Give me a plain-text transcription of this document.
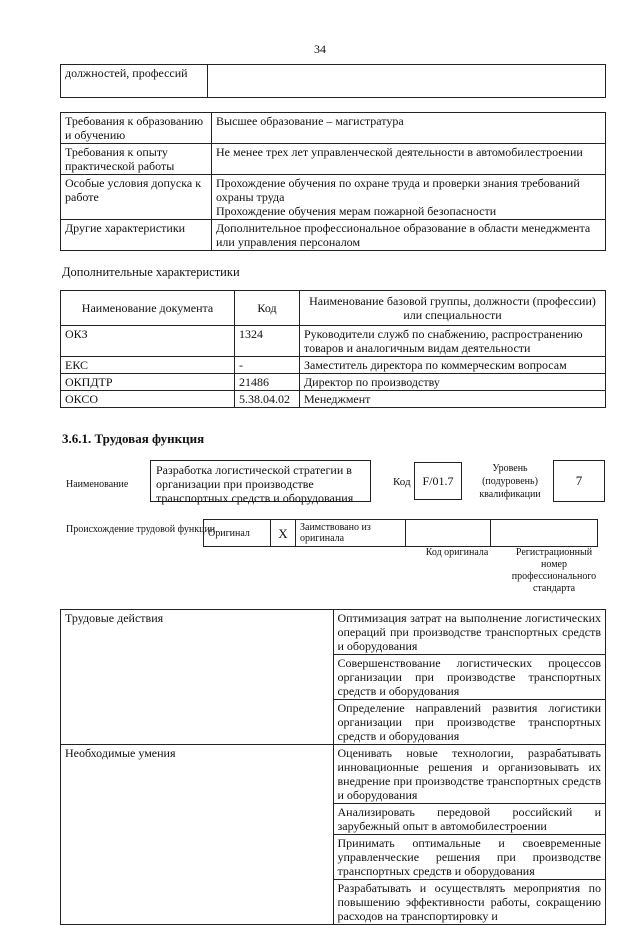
34
должностей, профессий	
Требования к образованию и обучению	Высшее образование – магистратура

Требования к опыту практической работы	Не менее трех лет управленческой деятельности в автомобилестроении

Особые условия допуска к работе	Прохождение обучения по охране труда и проверки знания требований охраны труда
Прохождение обучения мерам пожарной безопасности

Другие характеристики	Дополнительное профессиональное образование в области менеджмента или управления персоналом
Дополнительные характеристики
Наименование документа	Код	Наименование базовой группы, должности (профессии) или специальности
ОКЗ	1324	Руководители служб по снабжению, распространению товаров и аналогичным видам деятельности
ЕКС	-	Заместитель директора по коммерческим вопросам
ОКПДТР	21486	Директор по производству
ОКСО	5.38.04.02	Менеджмент
3.6.1. Трудовая функция
Наименование
Разработка логистической стратегии в организации при производстве транспортных средств и оборудования
Код F/01.7
Уровень (подуровень) квалификации
7
Происхождение трудовой функции
Оригинал	X	Заимствовано из оригинала		
Код оригинала	Регистрационный номер профессионального стандарта
Трудовые действия	Оптимизация затрат на выполнение логистических операций при производстве транспортных средств и оборудования
	Совершенствование логистических процессов организации при производстве транспортных средств и оборудования
	Определение направлений развития логистики организации при производстве транспортных средств и оборудования
Необходимые умения	Оценивать новые технологии, разрабатывать инновационные решения и организовывать их внедрение при производстве транспортных средств и оборудования
	Анализировать передовой российский и зарубежный опыт в автомобилестроении
	Принимать оптимальные и своевременные управленческие решения при производстве транспортных средств и оборудования
	Разрабатывать и осуществлять мероприятия по повышению эффективности работы, сокращению расходов на транспортировку и
